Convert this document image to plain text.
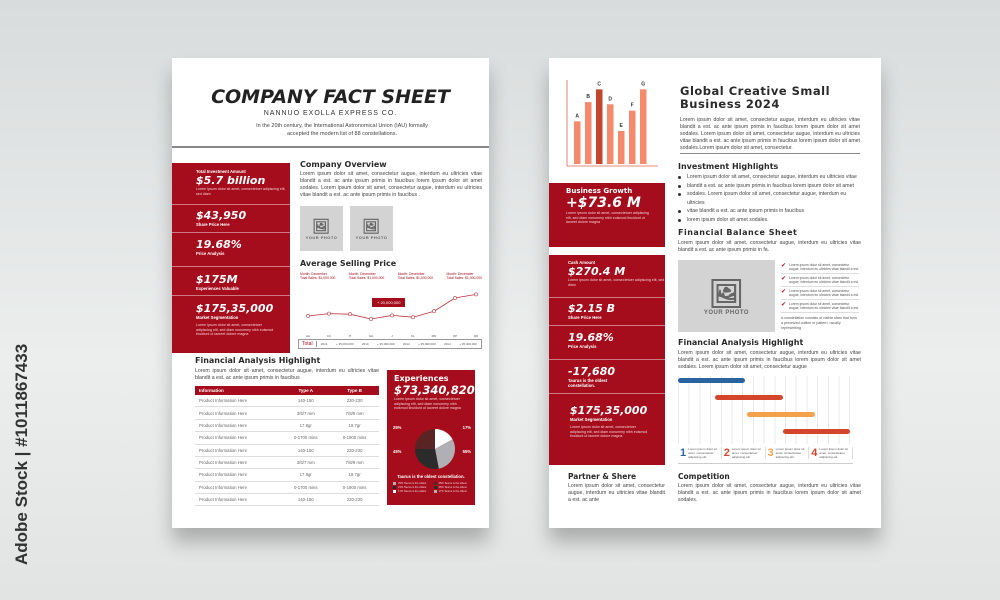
Adobe Stock | #1011867433
COMPANY FACT SHEET
NANNUO EXOLLA EXPRESS CO.
In the 20th century, the International Astronomical Union (IAU) formally accepted the modern list of 88 constellations.
Total Investment Amount
$5.7 billion
Lorem ipsum dolor sit amet, consectetuer adipiscing elit, sed diam
$43,950
Share Price Here
19.68%
Price Analysis
$175M
Experiences Valuable
$175,35,000
Market Segmentation
Lorem ipsum dolor sit amet, consectetuer adipiscing elit, sed diam nonummy nibh euismod tincidunt ut laoreet dolore magna
Company Overview
Lorem ipsum dolor sit amet, consectetur augue, interdum eu ultricies vitae blandit a est. ac ante ipsum primis in faucibus lorem ipsum dolor sit amet sodales. Lorem ipsum dolor sit amet, consectetur augue, interdum eu ultricies vitae blandit a est. ac ante ipsum primis in faucibus .
🖼
YOUR PHOTO
🖼
YOUR PHOTO
Average Selling Price
Month: December
Total Sales: $1,000,000
Month: December
Total Sales: $1,000,000
Month: December
Total Sales: $1,000,000
Month: December
Total Sales: $1,000,000
+ 20,000,000
AA	CC	IT	GH	J	KL	MN	OP	QR
Total	2014	+ 35,000,000	2014	+ 35,000,000	2014	+ 35,000,000	2014	+ 35,000,000
Financial Analysis Highlight
Lorem ipsum dolor sit amet, consectetur augue, interdum eu ultricies vitae blandit a est. ac ante ipsum primis in faucibus
Information	Type A	Type B
Product Information Here	140-150	220-230
Product Information Here	3/5/7 mm	7/8/9 mm
Product Information Here	17.8gr	19.7gr
Product Information Here	0-1700 mins	0-1900 mins
Product Information Here	140-150	220-230
Product Information Here	3/5/7 mm	7/8/9 mm
Product Information Here	17.8gr	19.7gr
Product Information Here	0-1700 mins	0-1900 mins
Product Information Here	140-150	220-230
Experiences
$73,340,820
Lorem ipsum dolor sit amet, consectetuer adipiscing elit, sed diam nonummy nibh euismod tincidunt ut laoreet dolore magna
25%	17%
45%	55%
Taurus is the oldest constellation.
25% Taurus is the oldest	25% Taurus is the oldest
15% Taurus is the oldest	35% Taurus is the oldest
17% Taurus is the oldest	17% Taurus is the oldest
A
B
C
D
E
F
G	Global Creative Small Business 2024
Lorem ipsum dolor sit amet, consectetur augue, interdum eu ultricies vitae blandit a est. ac ante ipsum primis in faucibus lorem ipsum dolor sit amet sodales. Lorem ipsum dolor sit amet, consectetur augue, interdum eu ultricies vitae blandit a est. ac ante ipsum primis in faucibus lorem ipsum dolor sit amet sodales.Lorem ipsum dolor sit amet, consectetur.
Investment Highlights
Lorem ipsum dolor sit amet, consectetur augue, interdum eu ultricies vitae
blandit a est. ac ante ipsum primis in faucibus lorem ipsum dolor sit amet
sodales. Lorem ipsum dolor sit amet, consectetur augue, interdum eu ultricies
vitae blandit a est. ac ante ipsum primis in faucibus
lorem ipsum dolor sit amet sodales.
Financial Balance Sheet
Lorem ipsum dolor sit amet, consectetur augue, interdum eu ultricies vitae blandit a est. ac ante ipsum primis in fa.
🖼
YOUR PHOTO
✔ Lorem ipsum dolor sit amet, consectetur augue, interdum eu ultricies vitae blandit a est.
✔ Lorem ipsum dolor sit amet, consectetur augue, interdum eu ultricies vitae blandit a est.
✔ Lorem ipsum dolor sit amet, consectetur augue, interdum eu ultricies vitae blandit a est.
✔ Lorem ipsum dolor sit amet, consectetur augue, interdum eu ultricies vitae blandit a est.
A constellation consists of visible stars that form a perceived outline or pattern, usually representing
Business Growth
+$73.6 M
Lorem ipsum dolor sit amet, consectetuer adipiscing elit, sed diam nonummy nibh euismod tincidunt ut laoreet dolore magna
Cash Amount
$270.4 M
Lorem ipsum dolor sit amet, consectetuer adipiscing elit, sed diam
$2.15 B
Share Price Here
19.68%
Price Analysis
-17,680
Taurus is the oldest constellation.
$175,35,000
Market Segmentation
Lorem ipsum dolor sit amet, consectetuer adipiscing elit, sed diam nonummy nibh euismod tincidunt ut laoreet dolore magna
Financial Analysis Highlight
Lorem ipsum dolor sit amet, consectetur augue, interdum eu ultricies vitae blandit a est. ac ante ipsum primis in faucibus lorem ipsum dolor sit amet sodales. Lorem ipsum dolor sit amet, consectetur augue
1 Lorem ipsum dolor sit amet, consectetuer adipiscing elit.	2 Lorem ipsum dolor sit amet, consectetuer adipiscing elit.	3 Lorem ipsum dolor sit amet, consectetuer adipiscing elit.	4 Lorem ipsum dolor sit amet, consectetuer adipiscing elit.
Partner & Shere
Lorem ipsum dolor sit amet, consectetur augue, interdum eu ultricies vitae blandit a est. ac ante
Competition
Lorem ipsum dolor sit amet, consectetur augue, interdum eu ultricies vitae blandit a est. ac ante ipsum primis in faucibus lorem ipsum dolor sit amet sodales.
